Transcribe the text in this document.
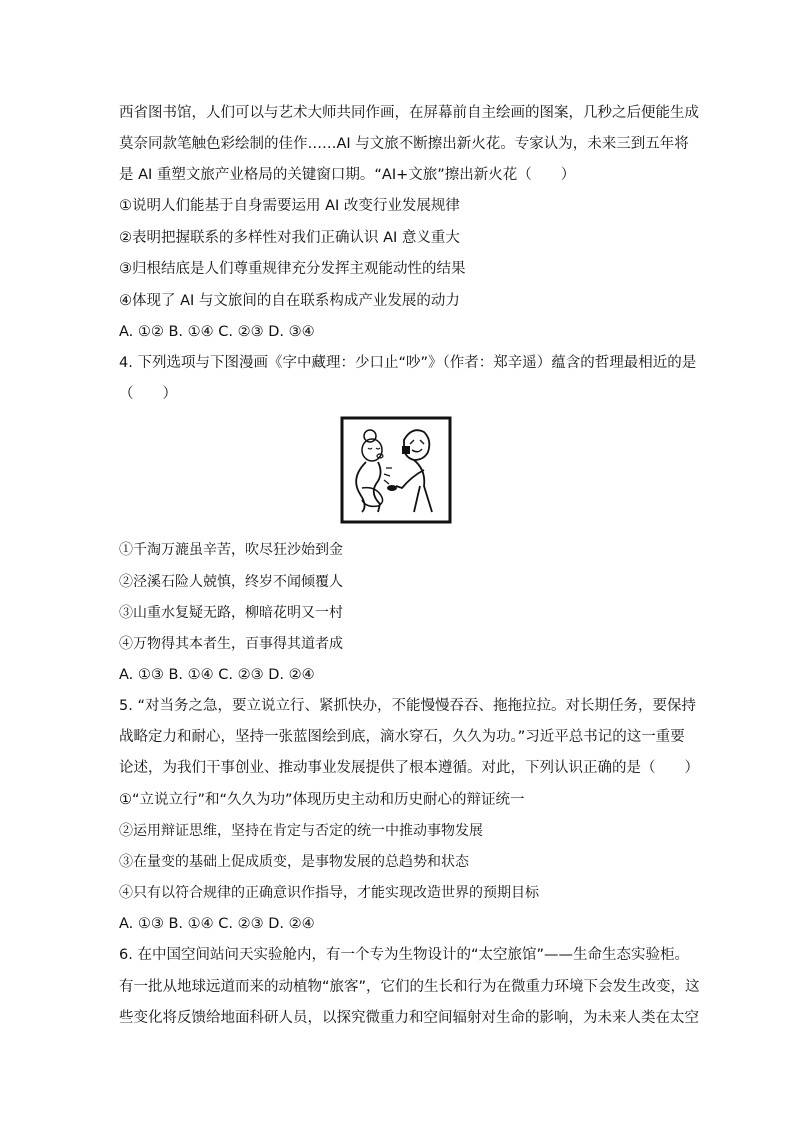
西省图书馆，人们可以与艺术大师共同作画，在屏幕前自主绘画的图案，几秒之后便能生成
莫奈同款笔触色彩绘制的佳作……AI 与文旅不断擦出新火花。专家认为，未来三到五年将
是 AI 重塑文旅产业格局的关键窗口期。“AI+文旅”擦出新火花（　　）
①说明人们能基于自身需要运用 AI 改变行业发展规律
②表明把握联系的多样性对我们正确认识 AI 意义重大
③归根结底是人们尊重规律充分发挥主观能动性的结果
④体现了 AI 与文旅间的自在联系构成产业发展的动力
A. ①② B. ①④ C. ②③ D. ③④
4. 下列选项与下图漫画《字中藏理：少口止“吵”》（作者：郑辛遥）蕴含的哲理最相近的是
（　　）
①千淘万漉虽辛苦，吹尽狂沙始到金
②泾溪石险人兢慎，终岁不闻倾覆人
③山重水复疑无路，柳暗花明又一村
④万物得其本者生，百事得其道者成
A. ①③ B. ①④ C. ②③ D. ②④
5. “对当务之急，要立说立行、紧抓快办，不能慢慢吞吞、拖拖拉拉。对长期任务，要保持
战略定力和耐心，坚持一张蓝图绘到底，滴水穿石，久久为功。”习近平总书记的这一重要
论述，为我们干事创业、推动事业发展提供了根本遵循。对此，下列认识正确的是（　　）
①“立说立行”和“久久为功”体现历史主动和历史耐心的辩证统一
②运用辩证思维，坚持在肯定与否定的统一中推动事物发展
③在量变的基础上促成质变，是事物发展的总趋势和状态
④只有以符合规律的正确意识作指导，才能实现改造世界的预期目标
A. ①③ B. ①④ C. ②③ D. ②④
6. 在中国空间站问天实验舱内，有一个专为生物设计的“太空旅馆”——生命生态实验柜。
有一批从地球远道而来的动植物“旅客”，它们的生长和行为在微重力环境下会发生改变，这
些变化将反馈给地面科研人员，以探究微重力和空间辐射对生命的影响，为未来人类在太空
